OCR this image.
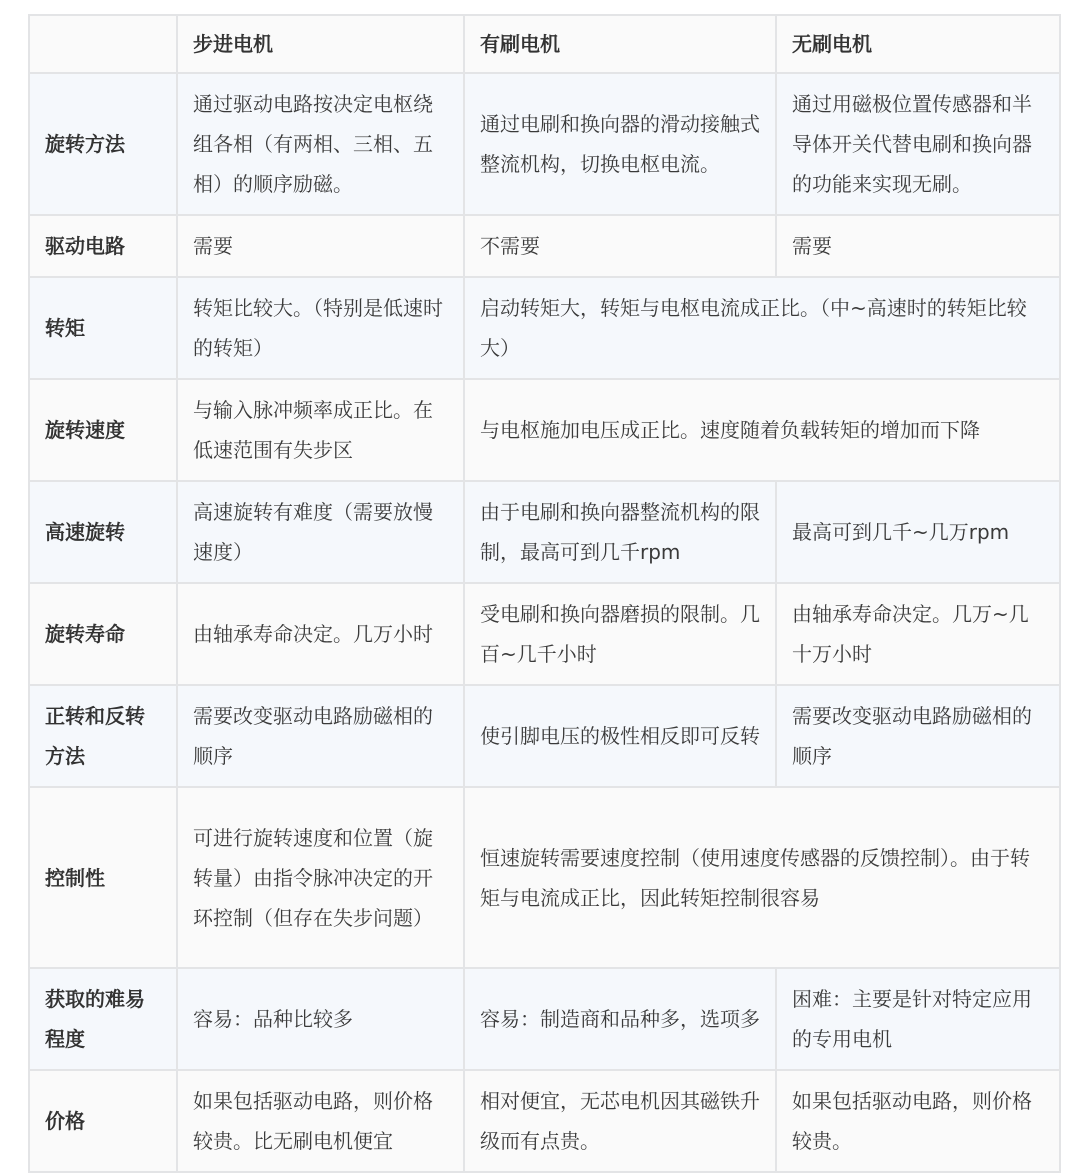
	步进电机	有刷电机	无刷电机
旋转方法	通过驱动电路按决定电枢绕组各相（有两相、三相、五相）的顺序励磁。	通过电刷和换向器的滑动接触式整流机构，切换电枢电流。	通过用磁极位置传感器和半导体开关代替电刷和换向器的功能来实现无刷。
驱动电路	需要	不需要	需要
转矩	转矩比较大。（特别是低速时的转矩）	启动转矩大，转矩与电枢电流成正比。（中~高速时的转矩比较大）	
旋转速度	与输入脉冲频率成正比。在低速范围有失步区	与电枢施加电压成正比。速度随着负载转矩的增加而下降	
高速旋转	高速旋转有难度（需要放慢速度）	由于电刷和换向器整流机构的限制，最高可到几千rpm	最高可到几千~几万rpm
旋转寿命	由轴承寿命决定。几万小时	受电刷和换向器磨损的限制。几百~几千小时	由轴承寿命决定。几万~几十万小时
正转和反转方法	需要改变驱动电路励磁相的顺序	使引脚电压的极性相反即可反转	需要改变驱动电路励磁相的顺序
控制性	可进行旋转速度和位置（旋转量）由指令脉冲决定的开环控制（但存在失步问题）	恒速旋转需要速度控制（使用速度传感器的反馈控制）。由于转矩与电流成正比，因此转矩控制很容易	
获取的难易程度	容易：品种比较多	容易：制造商和品种多，选项多	困难：主要是针对特定应用的专用电机
价格	如果包括驱动电路，则价格较贵。比无刷电机便宜	相对便宜，无芯电机因其磁铁升级而有点贵。	如果包括驱动电路，则价格较贵。
